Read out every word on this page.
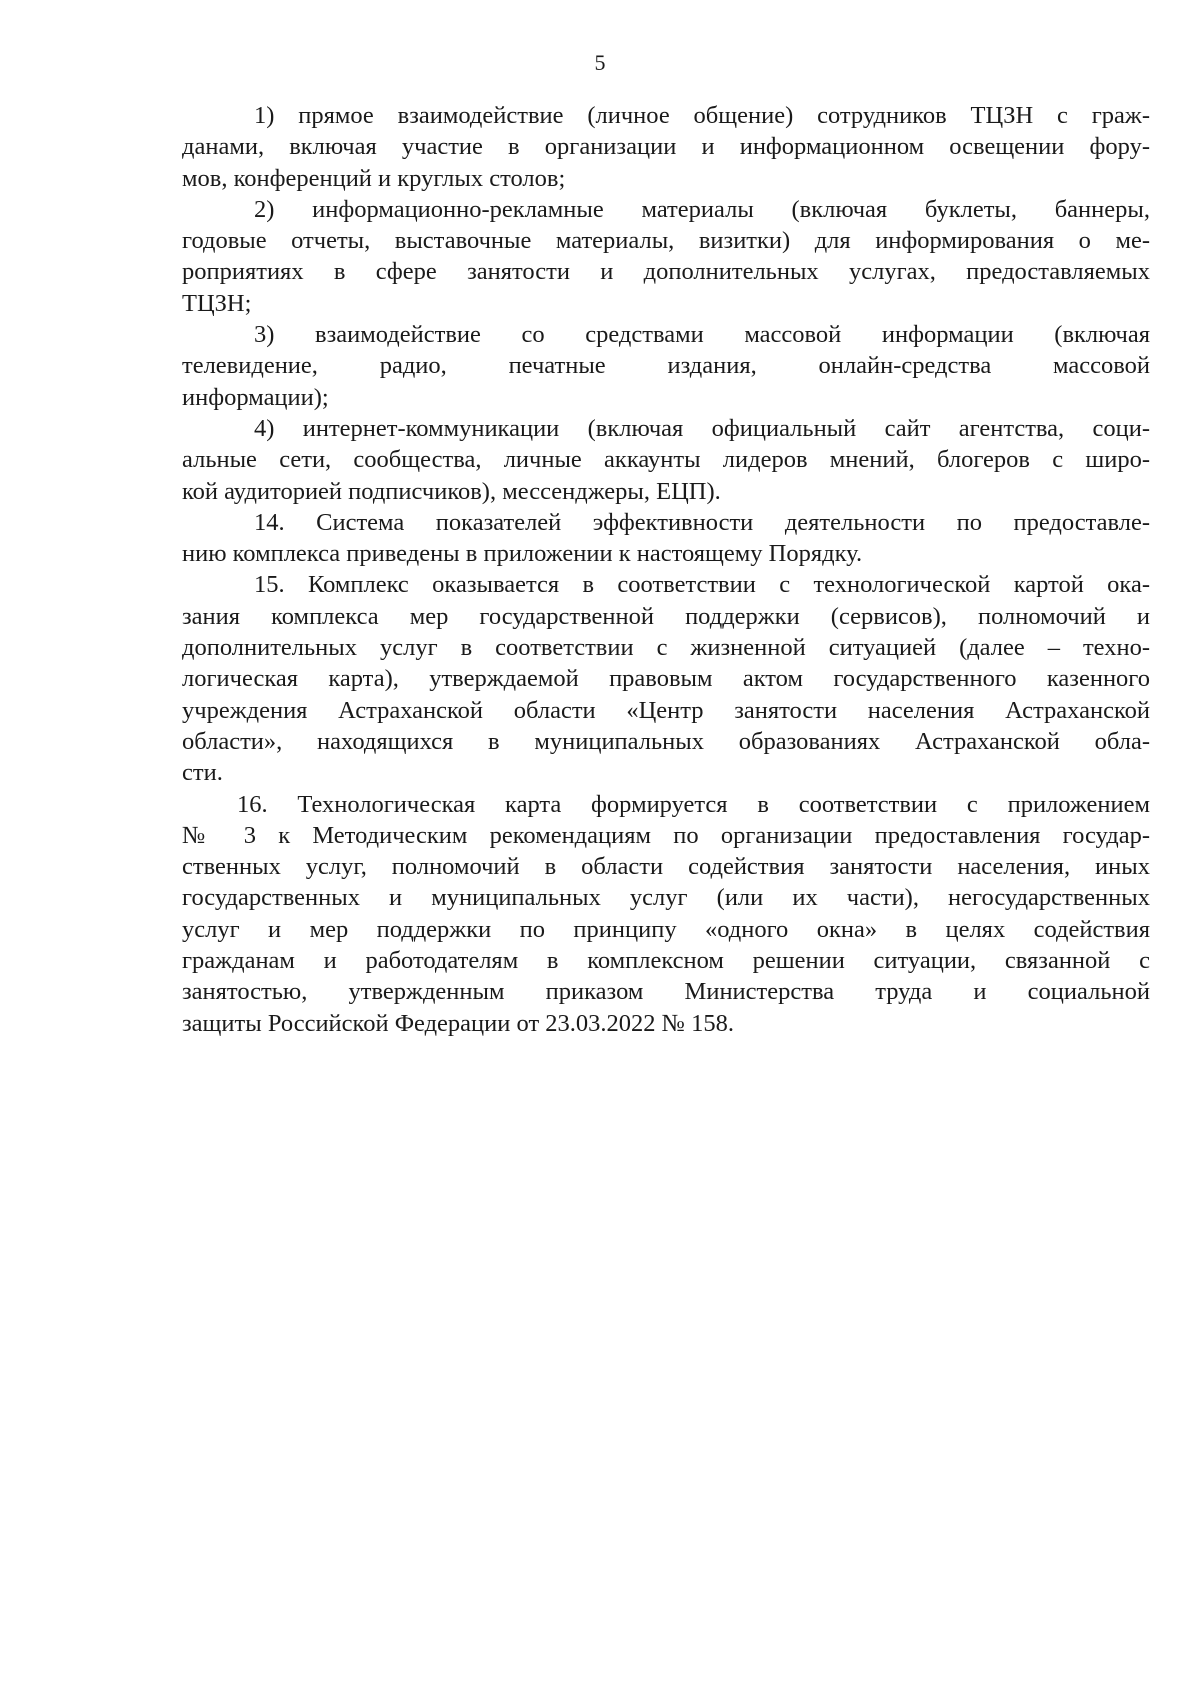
5
1) прямое взаимодействие (личное общение) сотрудников ТЦЗН с граж-
данами, включая участие в организации и информационном освещении фору-
мов, конференций и круглых столов;
2) информационно-рекламные материалы (включая буклеты, баннеры,
годовые отчеты, выставочные материалы, визитки) для информирования о ме-
роприятиях в сфере занятости и дополнительных услугах, предоставляемых
ТЦЗН;
3) взаимодействие со средствами массовой информации (включая
телевидение, радио, печатные издания, онлайн-средства массовой
информации);
4) интернет-коммуникации (включая официальный сайт агентства, соци-
альные сети, сообщества, личные аккаунты лидеров мнений, блогеров с широ-
кой аудиторией подписчиков), мессенджеры, ЕЦП).
14. Система показателей эффективности деятельности по предоставле-
нию комплекса приведены в приложении к настоящему Порядку.
15. Комплекс оказывается в соответствии с технологической картой ока-
зания комплекса мер государственной поддержки (сервисов), полномочий и
дополнительных услуг в соответствии с жизненной ситуацией (далее – техно-
логическая карта), утверждаемой правовым актом государственного казенного
учреждения Астраханской области «Центр занятости населения Астраханской
области», находящихся в муниципальных образованиях Астраханской обла-
сти.
16. Технологическая карта формируется в соответствии с приложением
№ 3 к Методическим рекомендациям по организации предоставления государ-
ственных услуг, полномочий в области содействия занятости населения, иных
государственных и муниципальных услуг (или их части), негосударственных
услуг и мер поддержки по принципу «одного окна» в целях содействия
гражданам и работодателям в комплексном решении ситуации, связанной с
занятостью, утвержденным приказом Министерства труда и социальной
защиты Российской Федерации от 23.03.2022 № 158.
